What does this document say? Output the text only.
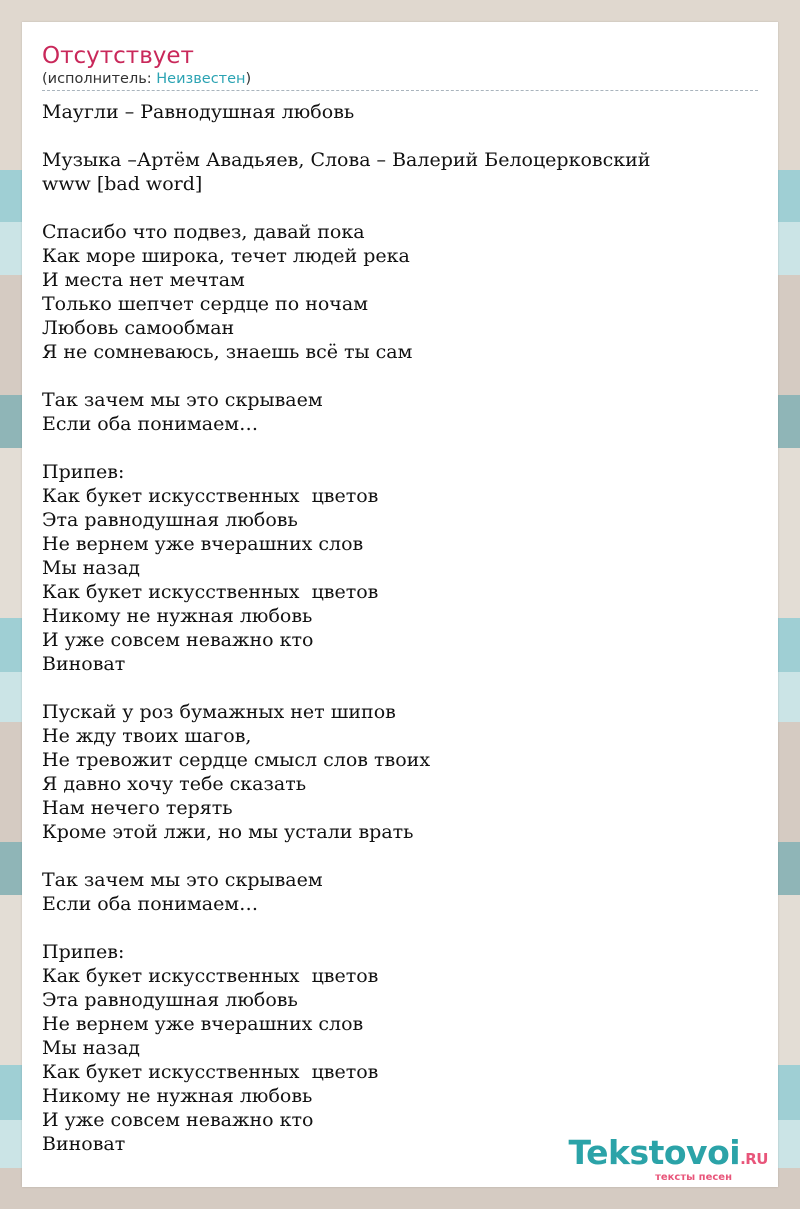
Отсутствует
(исполнитель: Неизвестен)
Маугли – Равнодушная любовь

Музыка –Артём Авадьяев, Слова – Валерий Белоцерковский
www [bad word]

Спасибо что подвез, давай пока
Как море широка, течет людей река
И места нет мечтам
Только шепчет сердце по ночам
Любовь самообман
Я не сомневаюсь, знаешь всё ты сам

Так зачем мы это скрываем
Если оба понимаем…

Припев:
Как букет искусственных  цветов
Эта равнодушная любовь
Не вернем уже вчерашних слов
Мы назад
Как букет искусственных  цветов
Никому не нужная любовь
И уже совсем неважно кто
Виноват

Пускай у роз бумажных нет шипов
Не жду твоих шагов,
Не тревожит сердце смысл слов твоих
Я давно хочу тебе сказать
Нам нечего терять
Кроме этой лжи, но мы устали врать

Так зачем мы это скрываем
Если оба понимаем…

Припев:
Как букет искусственных  цветов
Эта равнодушная любовь
Не вернем уже вчерашних слов
Мы назад
Как букет искусственных  цветов
Никому не нужная любовь
И уже совсем неважно кто
Виноват	Tekstovoi.RU
тексты песен
